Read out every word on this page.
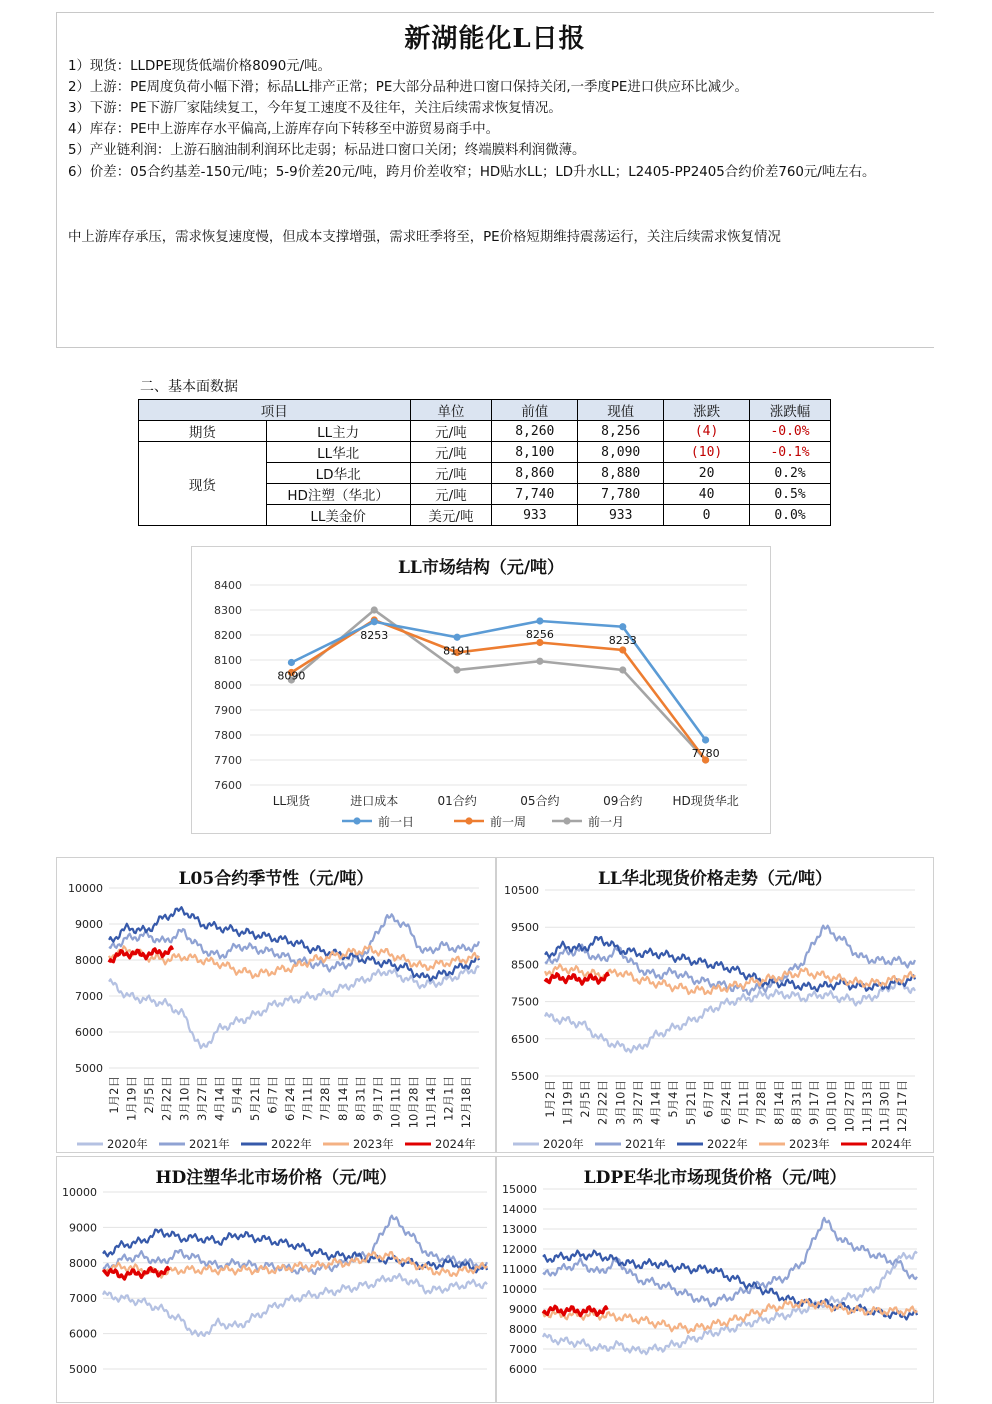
新湖能化L日报
1）现货：LLDPE现货低端价格8090元/吨。
2）上游：PE周度负荷小幅下滑；标品LL排产正常；PE大部分品种进口窗口保持关闭,一季度PE进口供应环比减少。
3）下游：PE下游厂家陆续复工，今年复工速度不及往年，关注后续需求恢复情况。
4）库存：PE中上游库存水平偏高,上游库存向下转移至中游贸易商手中。
5）产业链利润：上游石脑油制利润环比走弱；标品进口窗口关闭；终端膜料利润微薄。
6）价差：05合约基差-150元/吨；5-9价差20元/吨，跨月价差收窄；HD贴水LL；LD升水LL；L2405-PP2405合约价差760元/吨左右。
中上游库存承压，需求恢复速度慢，但成本支撑增强，需求旺季将至，PE价格短期维持震荡运行，关注后续需求恢复情况
二、基本面数据
项目		单位	前值	现值	涨跌	涨跌幅
期货	LL主力	元/吨	8,260	8,256	(4)	-0.0%
现货	LL华北	元/吨	8,100	8,090	(10)	-0.1%
	LD华北	元/吨	8,860	8,880	20	0.2%
	HD注塑（华北）	元/吨	7,740	7,780	40	0.5%
	LL美金价	美元/吨	933	933	0	0.0%
LL市场结构（元/吨）
7600
7700
7800
7900
8000
8100
8200
8300
8400
LL现货	进口成本	01合约	05合约	09合约	HD现货华北
8090
8253
8191
8256	8233
7780
前一日	前一周	前一月
L05合约季节性（元/吨）
5000
6000
7000
8000
9000
10000
1月2日 1月19日 2月5日 2月22日 3月10日 3月27日 4月14日 5月4日 5月21日 6月7日 6月24日 7月11日 7月28日 8月14日 8月31日 9月17日 10月11日 10月28日 11月14日 12月1日 12月18日
2020年	2021年	2022年	2023年	2024年
LL华北现货价格走势（元/吨）
5500
6500
7500
8500
9500
10500
1月2日 1月19日 2月5日 2月22日 3月10日 3月27日 4月14日 5月4日 5月21日 6月7日 6月24日 7月11日 7月28日 8月14日 8月31日 9月17日 10月10日 10月27日 11月13日 11月30日 12月17日
2020年	2021年	2022年	2023年	2024年
HD注塑华北市场价格（元/吨）
5000
6000
7000
8000
9000
10000
LDPE华北市场现货价格（元/吨）
6000
7000
8000
9000
10000
11000
12000
13000
14000
15000
